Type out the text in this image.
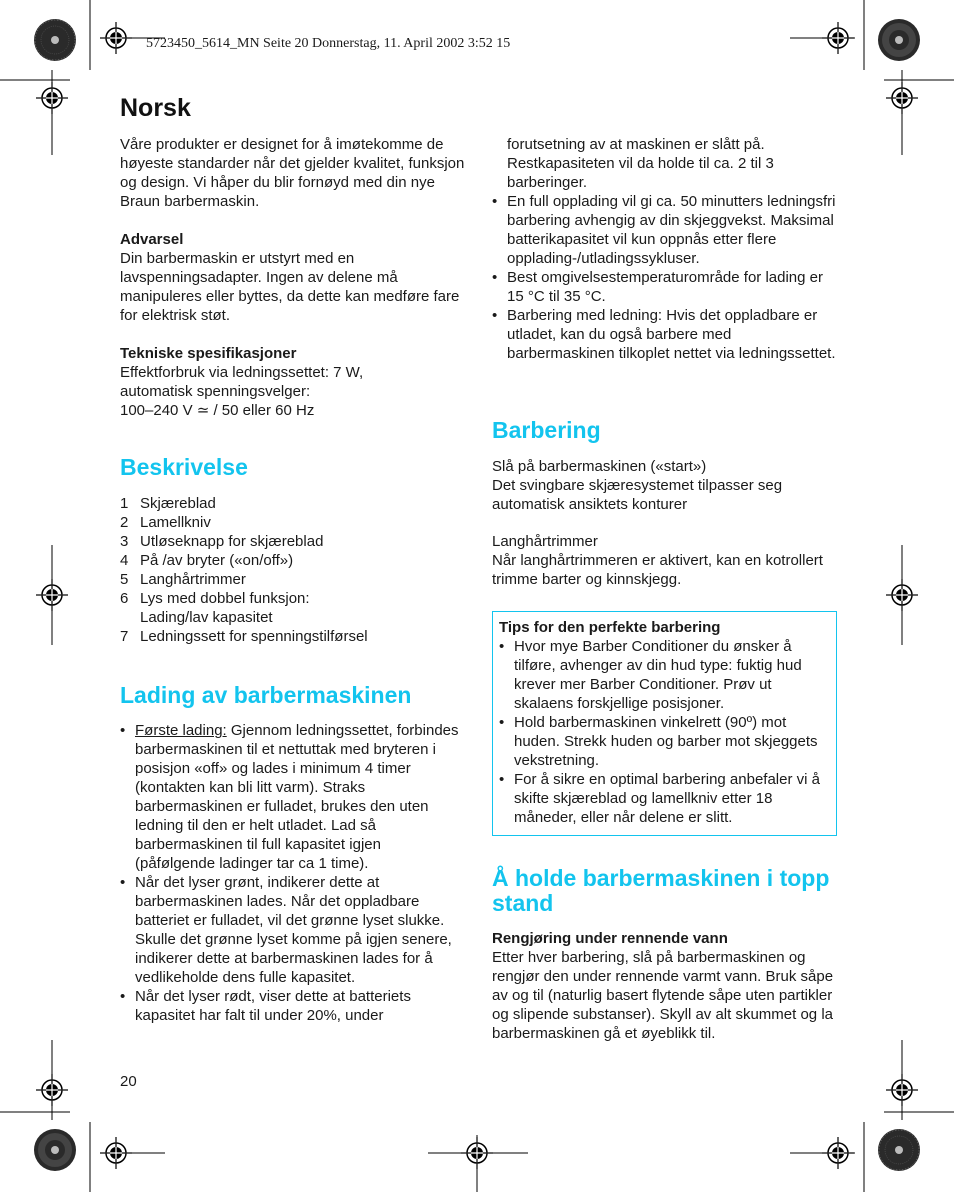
5723450_5614_MN Seite 20 Donnerstag, 11. April 2002 3:52 15
Norsk

Våre produkter er designet for å imøtekomme de høyeste standarder når det gjelder kvalitet, funksjon og design. Vi håper du blir fornøyd med din nye Braun barbermaskin.

Advarsel

Din barbermaskin er utstyrt med en lavspenningsadapter. Ingen av delene må manipuleres eller byttes, da dette kan medføre fare for elektrisk støt.

Tekniske spesifikasjoner

Effektforbruk via ledningssettet: 7 W,

automatisk spenningsvelger:

100–240 V ≃ / 50 eller 60 Hz

Beskrivelse
1 Skjæreblad
2 Lamellkniv
3 Utløseknapp for skjæreblad
4 På /av bryter («on/off»)
5 Langhårtrimmer
6 Lys med dobbel funksjon: Lading/lav kapasitet
7 Ledningssett for spenningstilførsel
Lading av barbermaskinen
• Første lading: Gjennom ledningssettet, forbindes barbermaskinen til et nettuttak med bryteren i posisjon «off» og lades i minimum 4 timer (kontakten kan bli litt varm). Straks barbermaskinen er fulladet, brukes den uten ledning til den er helt utladet. Lad så barbermaskinen til full kapasitet igjen (påfølgende ladinger tar ca 1 time).
• Når det lyser grønt, indikerer dette at barbermaskinen lades. Når det oppladbare batteriet er fulladet, vil det grønne lyset slukke. Skulle det grønne lyset komme på igjen senere, indikerer dette at barbermaskinen lades for å vedlikeholde dens fulle kapasitet.
• Når det lyser rødt, viser dette at batteriets kapasitet har falt til under 20%, under

forutsetning av at maskinen er slått på. Restkapasiteten vil da holde til ca. 2 til 3 barberinger.

• En full opplading vil gi ca. 50 minutters ledningsfri barbering avhengig av din skjeggvekst. Maksimal batterikapasitet vil kun oppnås etter flere opplading-/utladingssykluser.
• Best omgivelsestemperaturområde for lading er 15 °C til 35 °C.
• Barbering med ledning: Hvis det oppladbare er utladet, kan du også barbere med barbermaskinen tilkoplet nettet via ledningssettet.
Barbering

Slå på barbermaskinen («start»)

Det svingbare skjæresystemet tilpasser seg automatisk ansiktets konturer

Langhårtrimmer

Når langhårtrimmeren er aktivert, kan en kotrollert trimme barter og kinnskjegg.

Tips for den perfekte barbering

• Hvor mye Barber Conditioner du ønsker å tilføre, avhenger av din hud type: fuktig hud krever mer Barber Conditioner. Prøv ut skalaens forskjellige posisjoner.
• Hold barbermaskinen vinkelrett (90º) mot huden. Strekk huden og barber mot skjeggets vekstretning.
• For å sikre en optimal barbering anbefaler vi å skifte skjæreblad og lamellkniv etter 18 måneder, eller når delene er slitt.
Å holde barbermaskinen i topp stand

Rengjøring under rennende vann

Etter hver barbering, slå på barbermaskinen og rengjør den under rennende varmt vann. Bruk såpe av og til (naturlig basert flytende såpe uten partikler og slipende substanser). Skyll av alt skummet og la barbermaskinen gå et øyeblikk til.

20
